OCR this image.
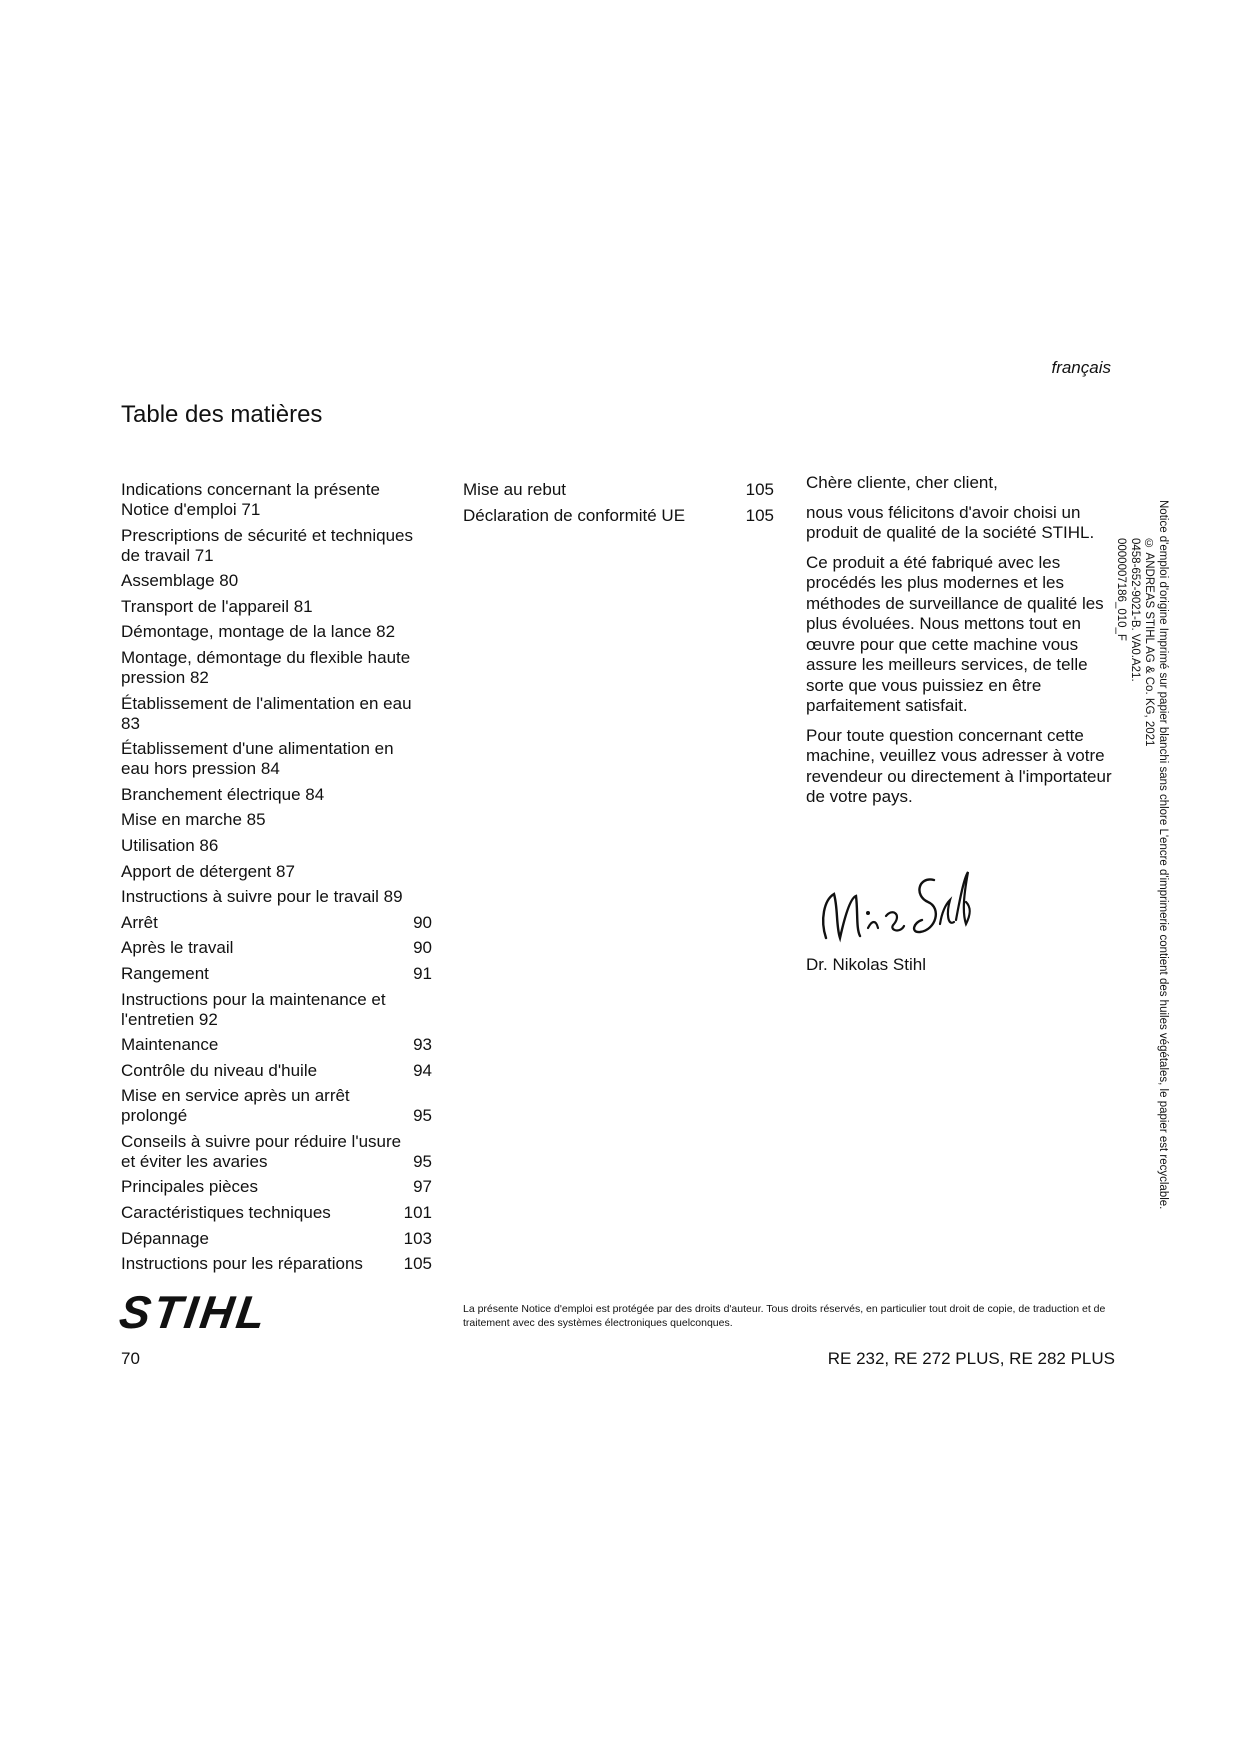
français
Table des matières
Indications concernant la présente Notice d'emploi 71
Prescriptions de sécurité et techniques de travail 71
Assemblage 80
Transport de l'appareil 81
Démontage, montage de la lance 82
Montage, démontage du flexible haute pression 82
Établissement de l'alimentation en eau 83
Établissement d'une alimentation en eau hors pression 84
Branchement électrique 84
Mise en marche 85
Utilisation 86
Apport de détergent 87
Instructions à suivre pour le travail 89
Arrêt	90
Après le travail	90
Rangement	91
Instructions pour la maintenance et l'entretien 92
Maintenance	93
Contrôle du niveau d'huile	94
Mise en service après un arrêt prolongé	95
Conseils à suivre pour réduire l'usure et éviter les avaries	95
Principales pièces	97
Caractéristiques techniques	101
Dépannage	103
Instructions pour les réparations	105
Mise au rebut	105
Déclaration de conformité UE	105

Chère cliente, cher client,

nous vous félicitons d'avoir choisi un produit de qualité de la société STIHL.

Ce produit a été fabriqué avec les procédés les plus modernes et les méthodes de surveillance de qualité les plus évoluées. Nous mettons tout en œuvre pour que cette machine vous assure les meilleurs services, de telle sorte que vous puissiez en être parfaitement satisfait.

Pour toute question concernant cette machine, veuillez vous adresser à votre revendeur ou directement à l'importateur de votre pays.

Dr. Nikolas Stihl	Notice d'emploi d'origine Imprimé sur papier blanchi sans chlore L'encre d'imprimerie contient des huiles végétales, le papier est recyclable.
© ANDREAS STIHL AG & Co. KG, 2021
0458-652-9021-B. VA0.A21.
0000007186_010_F
STIHL	La présente Notice d'emploi est protégée par des droits d'auteur. Tous droits réservés, en particulier tout droit de copie, de traduction et de traitement avec des systèmes électroniques quelconques.
70	RE 232, RE 272 PLUS, RE 282 PLUS
